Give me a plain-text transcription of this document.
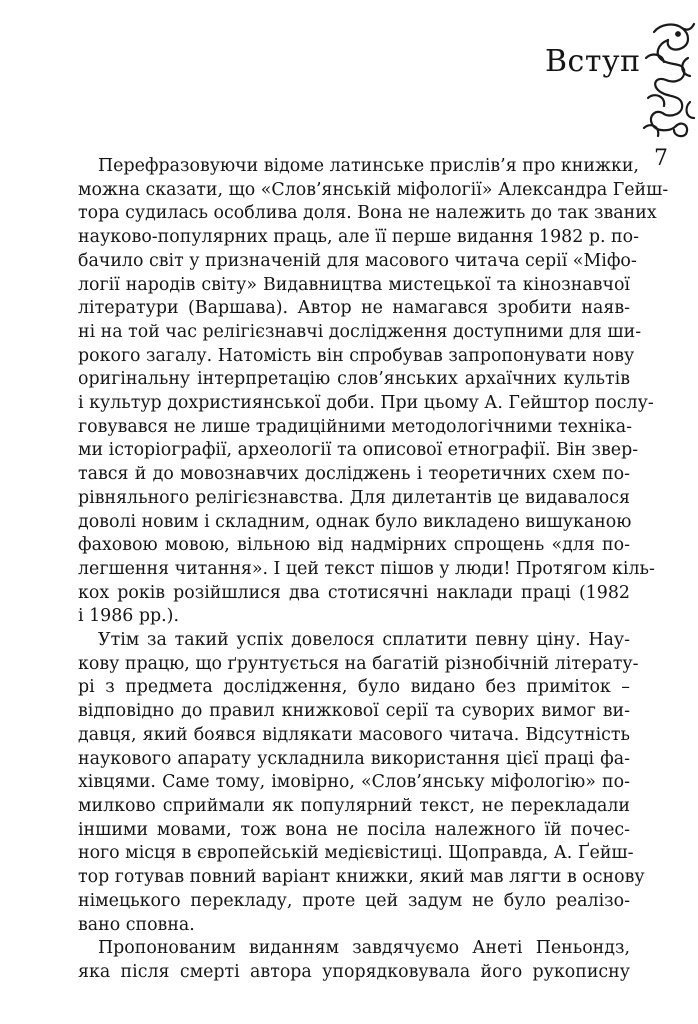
Вступ
7

Перефразовуючи відоме латинське прислів’я про книжки,
можна сказати, що «Слов’янській міфології» Александра Гейш-
тора судилась особлива доля. Вона не належить до так званих
науково-популярних праць, але її перше видання 1982 р. по-
бачило світ у призначеній для масового читача серії «Міфо-
логії народів світу» Видавництва мистецької та кінознавчої
літератури (Варшава). Автор не намагався зробити наяв-
ні на той час релігієзнавчі дослідження доступними для ши-
рокого загалу. Натомість він спробував запропонувати нову
оригінальну інтерпретацію слов’янських архаїчних культів
і культур дохристиянської доби. При цьому А. Гейштор послу-
говувався не лише традиційними методологічними техніка-
ми історіографії, археології та описової етнографії. Він звер-
тався й до мовознавчих досліджень і теоретичних схем по-
рівняльного релігієзнавства. Для дилетантів це видавалося
доволі новим і складним, однак було викладено вишуканою
фаховою мовою, вільною від надмірних спрощень «для по-
легшення читання». І цей текст пішов у люди! Протягом кіль-
кох років розійшлися два стотисячні наклади праці (1982
і 1986 рр.).

Утім за такий успіх довелося сплатити певну ціну. Нау-
кову працю, що ґрунтується на багатій різнобічній літерату-
рі з предмета дослідження, було видано без приміток –
відповідно до правил книжкової серії та суворих вимог ви-
давця, який боявся відлякати масового читача. Відсутність
наукового апарату ускладнила використання цієї праці фа-
хівцями. Саме тому, імовірно, «Слов’янську міфологію» по-
милково сприймали як популярний текст, не перекладали
іншими мовами, тож вона не посіла належного їй почес-
ного місця в європейській медієвістиці. Щоправда, А. Ґейш-
тор готував повний варіант книжки, який мав лягти в основу
німецького перекладу, проте цей задум не було реалізо-
вано сповна.

Пропонованим виданням завдячуємо Анеті Пеньондз,
яка після смерті автора упорядковувала його рукописну
